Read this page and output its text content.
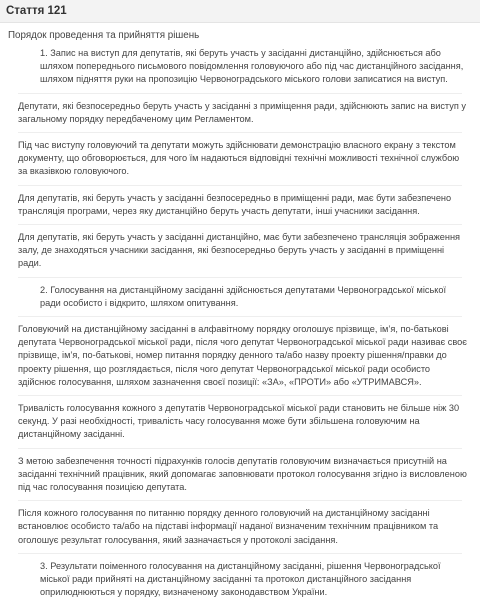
Стаття 121
Порядок проведення та прийняття рішень

1. Запис на виступ для депутатів, які беруть участь у засіданні дистанційно, здійснюється або шляхом попереднього письмового повідомлення головуючого або під час дистанційного засідання, шляхом підняття руки на пропозицію Червоноградського міського голови записатися на виступ.

Депутати, які безпосередньо беруть участь у засіданні з приміщення ради, здійснюють запис на виступ у загальному порядку передбаченому цим Регламентом.

Під час виступу головуючий та депутати можуть здійснювати демонстрацію власного екрану з текстом документу, що обговорюється, для чого їм надаються відповідні технічні можливості технічної службою за вказівкою головуючого.

Для депутатів, які беруть участь у засіданні безпосередньо в приміщенні ради, має бути забезпечено трансляція програми, через яку дистанційно беруть участь депутати, інші учасники засідання.

Для депутатів, які беруть участь у засіданні дистанційно, має бути забезпечено трансляція зображення залу, де знаходяться учасники засідання, які безпосередньо беруть участь у засіданні в приміщенні ради.

2. Голосування на дистанційному засіданні здійснюється депутатами Червоноградської міської ради особисто і відкрито, шляхом опитування.

Головуючий на дистанційному засіданні в алфавітному порядку оголошує прізвище, ім’я, по-батькові депутата Червоноградської міської ради, після чого депутат Червоноградської міської ради називає своє прізвище, ім’я, по-батькові, номер питання порядку денного та/або назву проекту рішення/правки до проекту рішення, що розглядається, після чого депутат Червоноградської міської ради особисто здійснює голосування, шляхом зазначення своєї позиції: «ЗА», «ПРОТИ» або «УТРИМАВСЯ».

Тривалість голосування кожного з депутатів Червоноградської міської ради становить не більше ніж 30 секунд. У разі необхідності, тривалість часу голосування може бути збільшена головуючим на дистанційному засіданні.

З метою забезпечення точності підрахунків голосів депутатів головуючим визначається присутній на засіданні технічний працівник, який допомагає заповнювати протокол голосування згідно із висловленою під час голосування позицією депутата.

Після кожного голосування по питанню порядку денного головуючий на дистанційному засіданні встановлює особисто та/або на підставі інформації наданої визначеним технічним працівником та оголошує результат голосування, який зазначається у протоколі засідання.

3. Результати поіменного голосування на дистанційному засіданні, рішення Червоноградської міської ради прийняті на дистанційному засіданні та протокол дистанційного засідання оприлюднюються у порядку, визначеному законодавством України.
